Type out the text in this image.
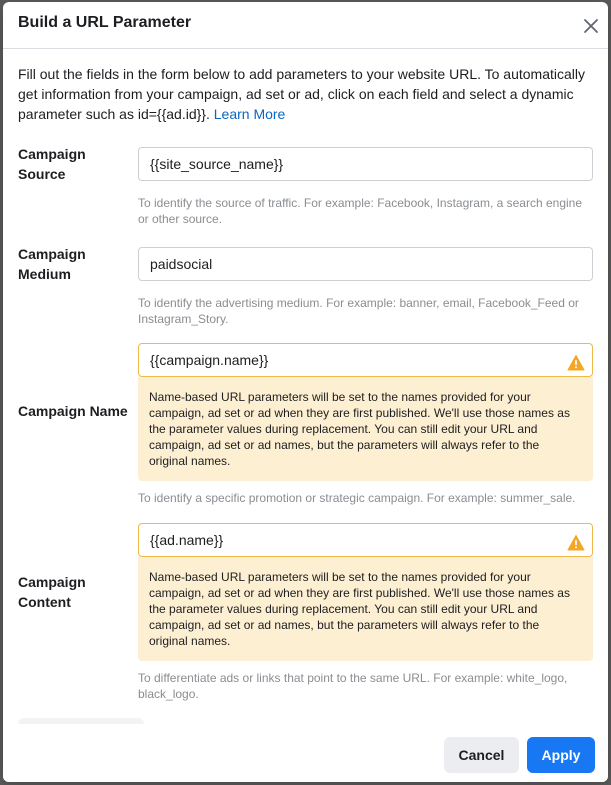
Build a URL Parameter
Fill out the fields in the form below to add parameters to your website URL. To automatically get information from your campaign, ad set or ad, click on each field and select a dynamic parameter such as id={{ad.id}}. Learn More
Campaign Source
{{site_source_name}}
To identify the source of traffic. For example: Facebook, Instagram, a search engine or other source.
Campaign Medium
paidsocial
To identify the advertising medium. For example: banner, email, Facebook_Feed or Instagram_Story.
Campaign Name
{{campaign.name}}
Name-based URL parameters will be set to the names provided for your campaign, ad set or ad when they are first published. We'll use those names as the parameter values during replacement. You can still edit your URL and campaign, ad set or ad names, but the parameters will always refer to the original names.
To identify a specific promotion or strategic campaign. For example: summer_sale.
Campaign Content
{{ad.name}}
Name-based URL parameters will be set to the names provided for your campaign, ad set or ad when they are first published. We'll use those names as the parameter values during replacement. You can still edit your URL and campaign, ad set or ad names, but the parameters will always refer to the original names.
To differentiate ads or links that point to the same URL. For example: white_logo, black_logo.
Cancel	Apply
